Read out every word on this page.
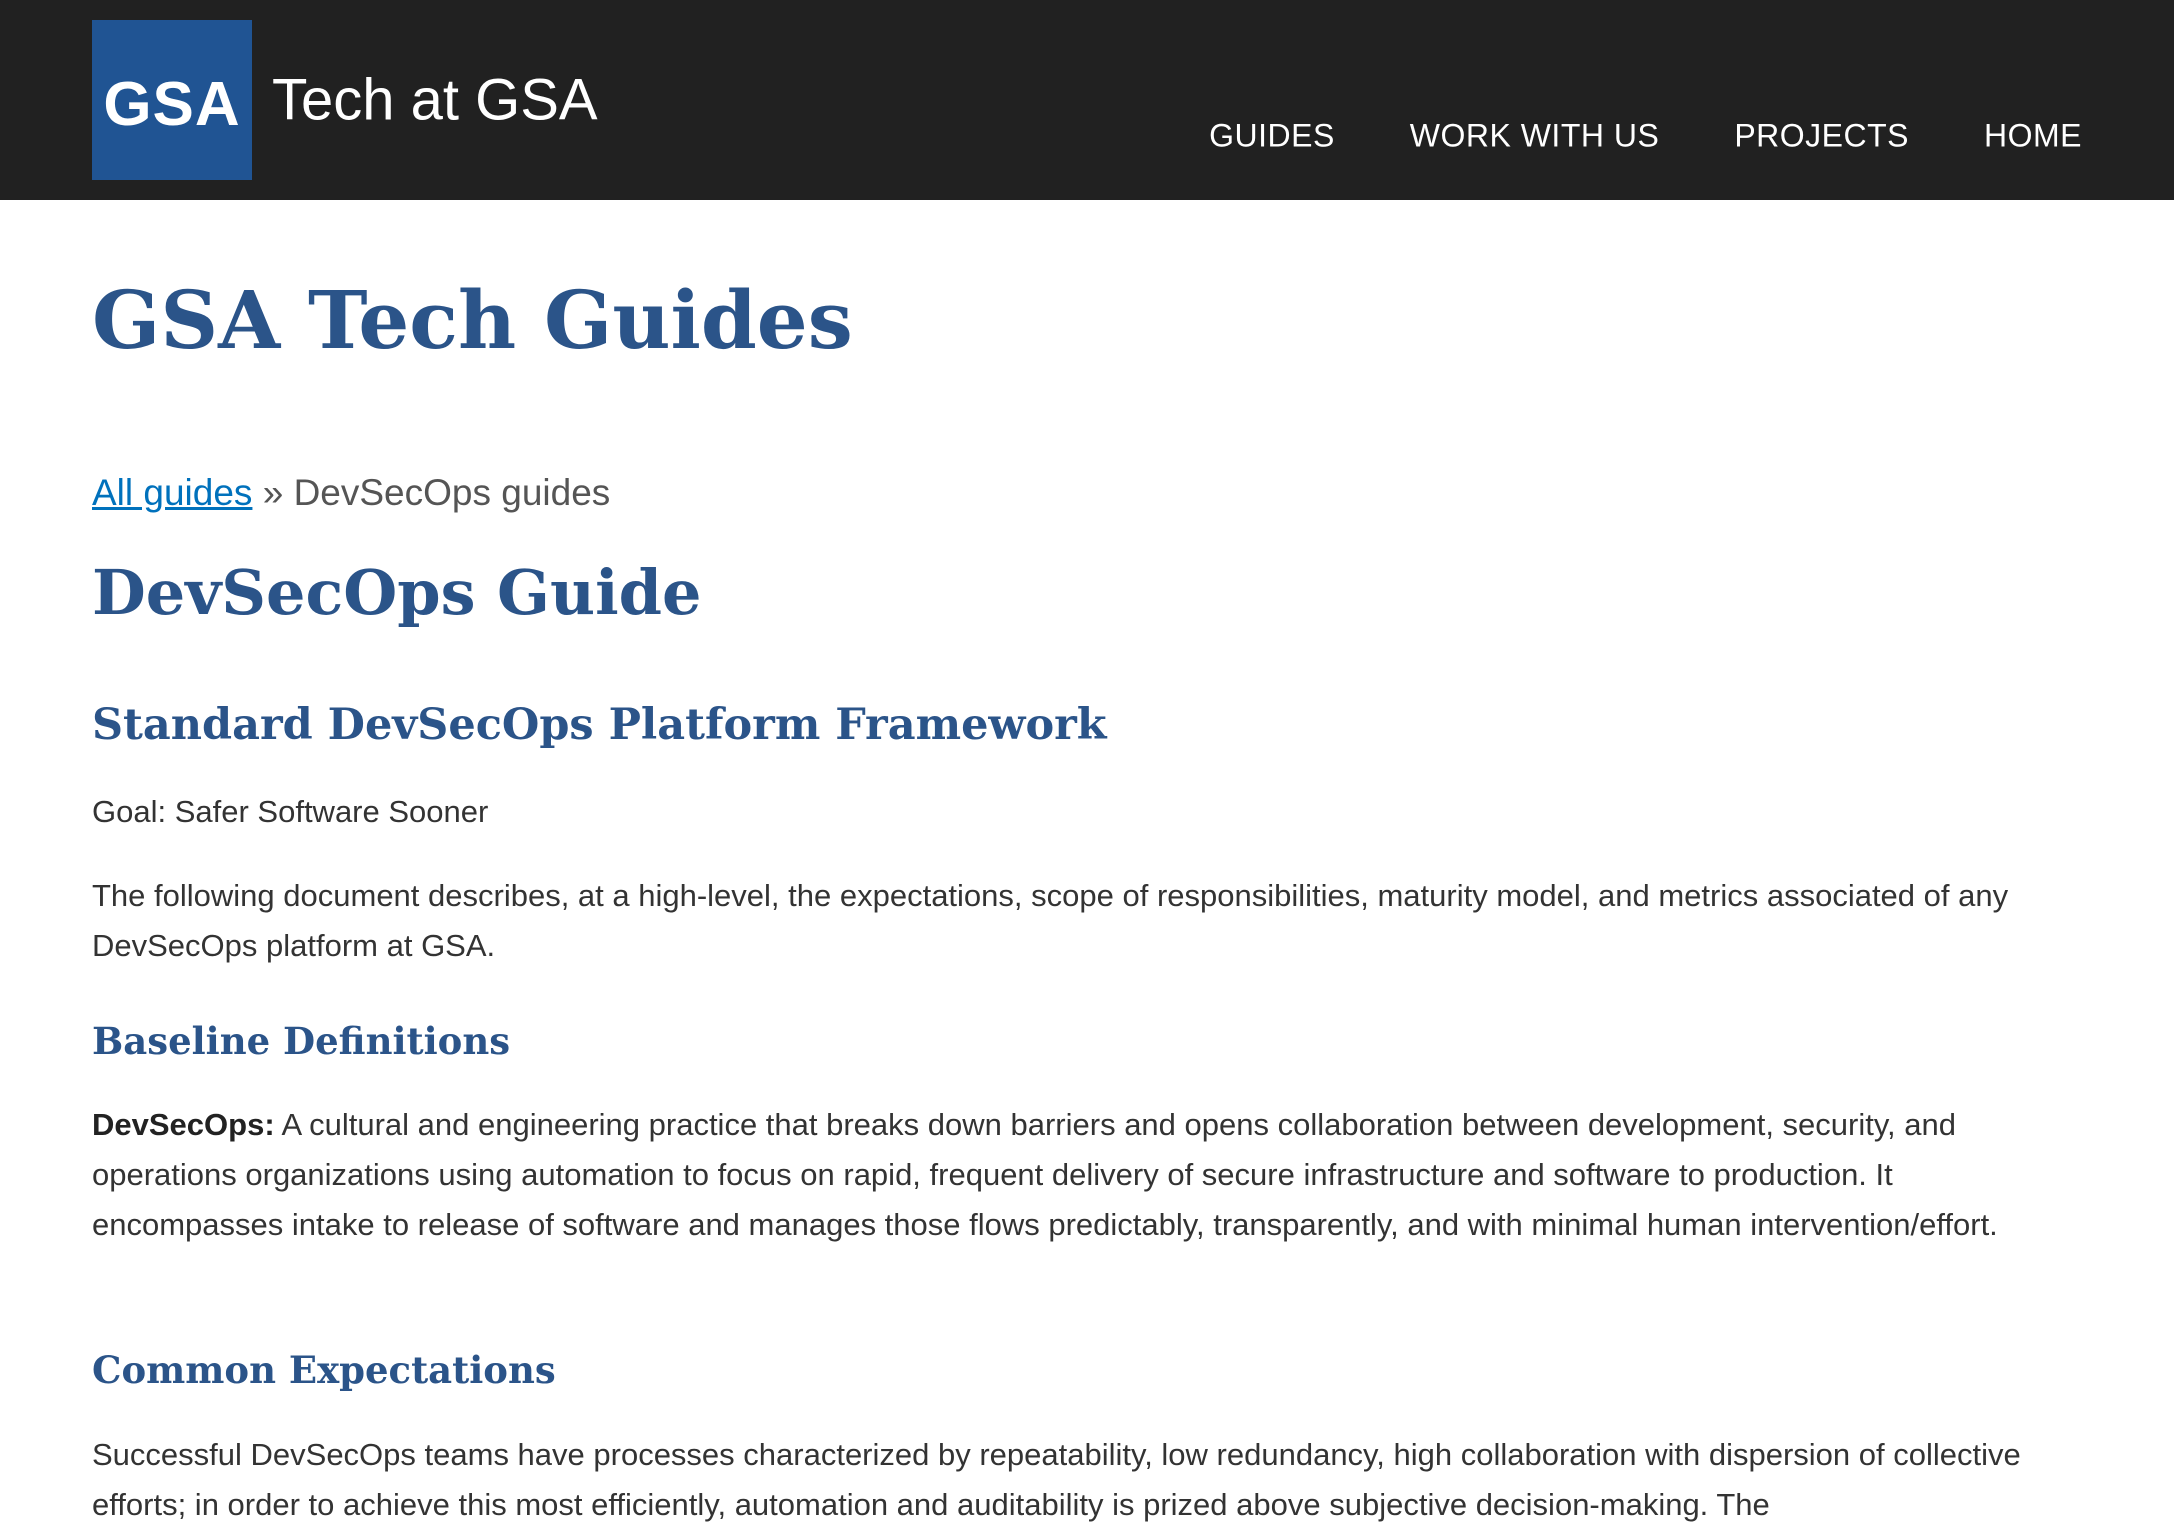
GSA Tech at GSA
GUIDES WORK WITH US PROJECTS HOME
GSA Tech Guides
All guides » DevSecOps guides
DevSecOps Guide
Standard DevSecOps Platform Framework

Goal: Safer Software Sooner

The following document describes, at a high-level, the expectations, scope of responsibilities, maturity model, and metrics associated of any DevSecOps platform at GSA.

Baseline Definitions

DevSecOps: A cultural and engineering practice that breaks down barriers and opens collaboration between development, security, and operations organizations using automation to focus on rapid, frequent delivery of secure infrastructure and software to production. It encompasses intake to release of software and manages those flows predictably, transparently, and with minimal human intervention/effort.

Common Expectations

Successful DevSecOps teams have processes characterized by repeatability, low redundancy, high collaboration with dispersion of collective efforts; in order to achieve this most efficiently, automation and auditability is prized above subjective decision-making. The
